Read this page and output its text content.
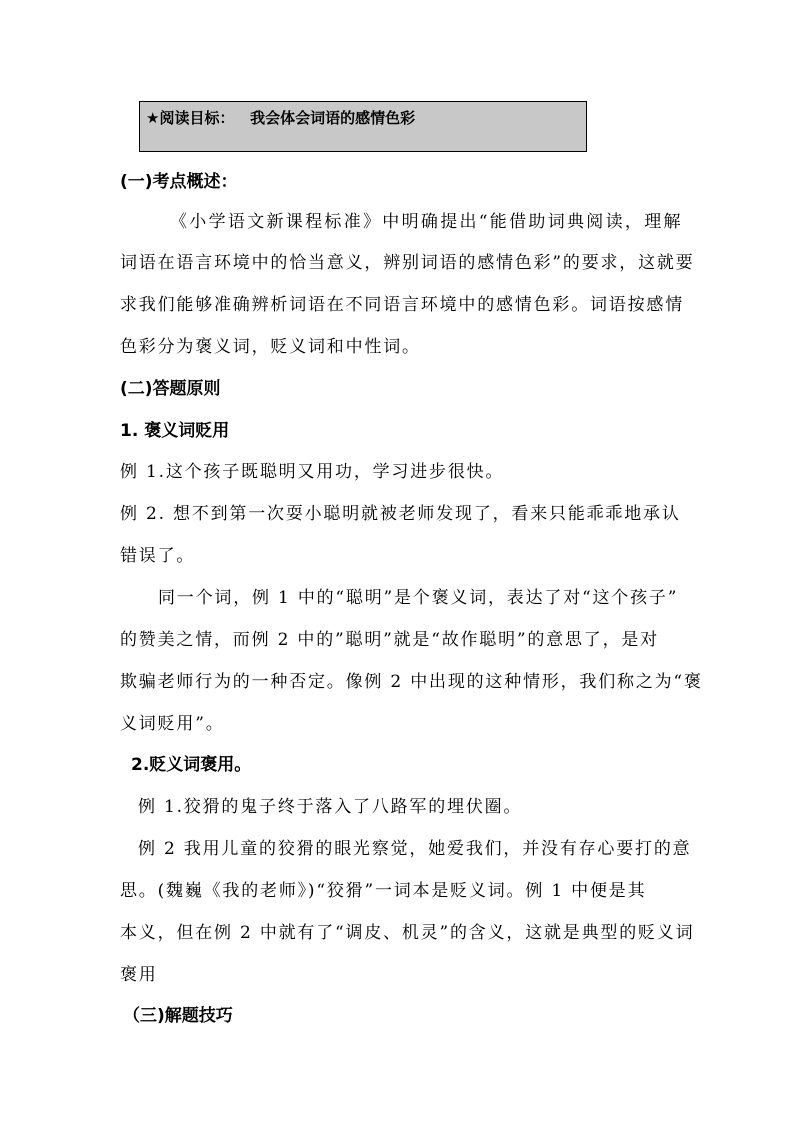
★阅读目标：   我会体会词语的感情色彩
(一)考点概述：
《小学语文新课程标准》中明确提出“能借助词典阅读，理解
词语在语言环境中的恰当意义，辨别词语的感情色彩”的要求，这就要
求我们能够准确辨析词语在不同语言环境中的感情色彩。词语按感情
色彩分为褒义词，贬义词和中性词。
(二)答题原则
1. 褒义词贬用
例 1.这个孩子既聪明又用功，学习进步很快。
例 2. 想不到第一次耍小聪明就被老师发现了，看来只能乖乖地承认
错误了。
同一个词，例 1 中的“聪明”是个褒义词，表达了对“这个孩子”
的赞美之情，而例 2 中的”聪明”就是“故作聪明”的意思了，是对
欺骗老师行为的一种否定。像例 2 中出现的这种情形，我们称之为“褒
义词贬用”。
2.贬义词褒用。
例 1.狡猾的鬼子终于落入了八路军的埋伏圈。
例 2 我用儿童的狡猾的眼光察觉，她爱我们，并没有存心要打的意
思。(魏巍《我的老师》)“狡猾”一词本是贬义词。例 1 中便是其
本义，但在例 2 中就有了“调皮、机灵”的含义，这就是典型的贬义词
褒用
（三)解题技巧
